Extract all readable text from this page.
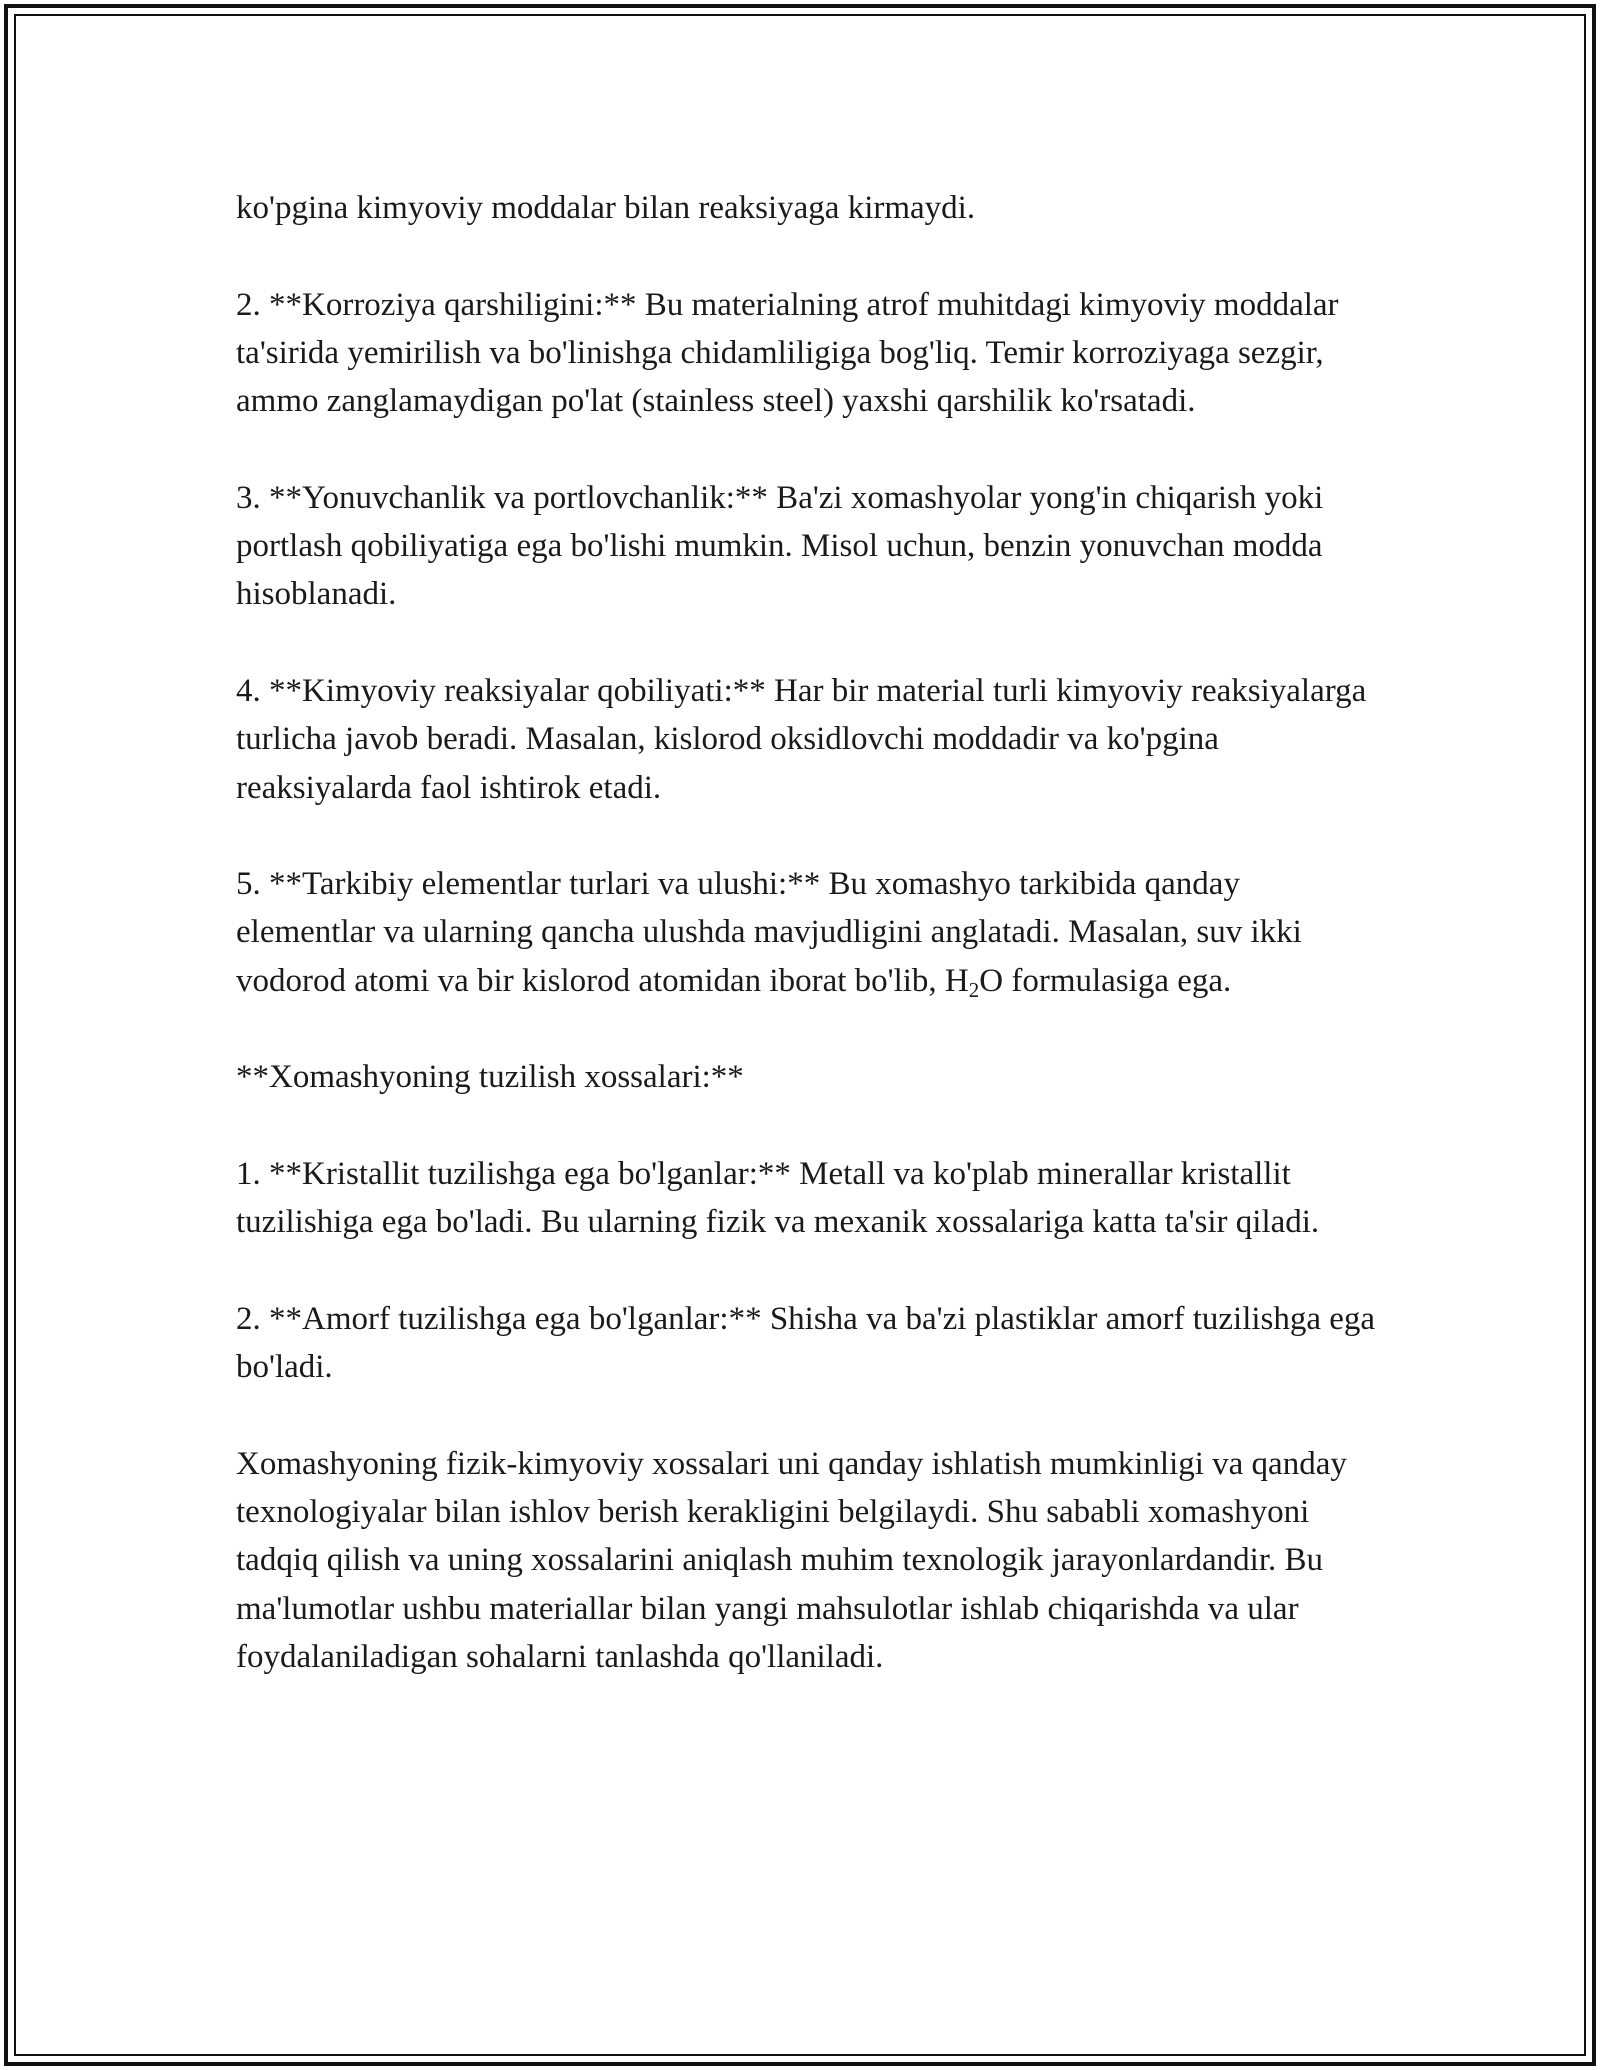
ko'pgina kimyoviy moddalar bilan reaksiyaga kirmaydi.

2. **Korroziya qarshiligini:** Bu materialning atrof muhitdagi kimyoviy moddalar ta'sirida yemirilish va bo'linishga chidamliligiga bog'liq. Temir korroziyaga sezgir, ammo zanglamaydigan po'lat (stainless steel) yaxshi qarshilik ko'rsatadi.

3. **Yonuvchanlik va portlovchanlik:** Ba'zi xomashyolar yong'in chiqarish yoki portlash qobiliyatiga ega bo'lishi mumkin. Misol uchun, benzin yonuvchan modda hisoblanadi.

4. **Kimyoviy reaksiyalar qobiliyati:** Har bir material turli kimyoviy reaksiyalarga turlicha javob beradi. Masalan, kislorod oksidlovchi moddadir va ko'pgina reaksiyalarda faol ishtirok etadi.

5. **Tarkibiy elementlar turlari va ulushi:** Bu xomashyo tarkibida qanday elementlar va ularning qancha ulushda mavjudligini anglatadi. Masalan, suv ikki vodorod atomi va bir kislorod atomidan iborat bo'lib, $H_2O$ formulasiga ega.

**Xomashyoning tuzilish xossalari:**

1. **Kristallit tuzilishga ega bo'lganlar:** Metall va ko'plab minerallar kristallit tuzilishiga ega bo'ladi. Bu ularning fizik va mexanik xossalariga katta ta'sir qiladi.

2. **Amorf tuzilishga ega bo'lganlar:** Shisha va ba'zi plastiklar amorf tuzilishga ega bo'ladi.

Xomashyoning fizik-kimyoviy xossalari uni qanday ishlatish mumkinligi va qanday texnologiyalar bilan ishlov berish kerakligini belgilaydi. Shu sababli xomashyoni tadqiq qilish va uning xossalarini aniqlash muhim texnologik jarayonlardandir. Bu ma'lumotlar ushbu materiallar bilan yangi mahsulotlar ishlab chiqarishda va ular foydalaniladigan sohalarni tanlashda qo'llaniladi.
